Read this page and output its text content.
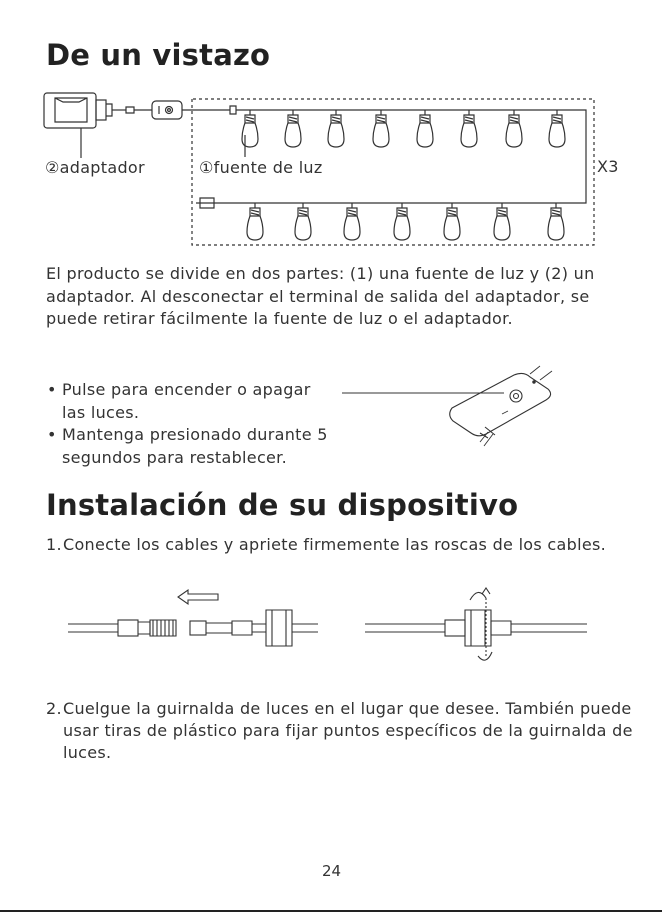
De un vistazo
②adaptador	①fuente de luz	X3
El producto se divide en dos partes: (1) una fuente de luz y (2) un adaptador. Al desconectar el terminal de salida del adaptador, se puede retirar fácilmente la fuente de luz o el adaptador.
• Pulse para encender o apagar las luces.
• Mantenga presionado durante 5 segundos para restablecer.
Instalación de su dispositivo
1. Conecte los cables y apriete firmemente las roscas de los cables.
2. Cuelgue la guirnalda de luces en el lugar que desee. También puede usar tiras de plástico para fijar puntos específicos de la guirnalda de luces.
24
